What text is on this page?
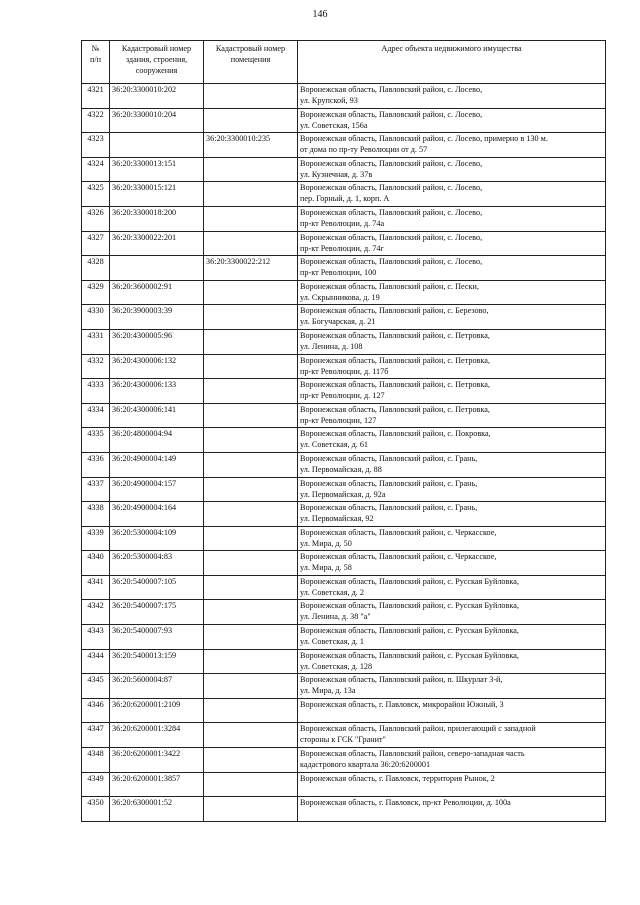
146
№
п/п	Кадастровый номер
здания, строения,
сооружения	Кадастровый номер
помещения	Адрес объекта недвижимого имущества

4321	36:20:3300010:202		Воронежская область, Павловский район, с. Лосево,
ул. Крупской, 93

4322	36:20:3300010:204		Воронежская область, Павловский район, с. Лосево,
ул. Советская, 156а

4323		36:20:3300010:235	Воронежская область, Павловский район, с. Лосево, примерно в 130 м.
от дома по пр-ту Революции от д. 57

4324	36:20:3300013:151		Воронежская область, Павловский район, с. Лосево,
ул. Кузнечная, д. 37в

4325	36:20:3300015:121		Воронежская область, Павловский район, с. Лосево,
пер. Горный, д. 1, корп. А

4326	36:20:3300018:200		Воронежская область, Павловский район, с. Лосево,
пр-кт Революции, д. 74а

4327	36:20:3300022:201		Воронежская область, Павловский район, с. Лосево,
пр-кт Революции, д. 74г

4328		36:20:3300022:212	Воронежская область, Павловский район, с. Лосево,
пр-кт Революции, 100

4329	36:20:3600002:91		Воронежская область, Павловский район, с. Пески,
ул. Скрынникова, д. 19

4330	36:20:3900003:39		Воронежская область, Павловский район, с. Березово,
ул. Богучарская, д. 21

4331	36:20:4300005:96		Воронежская область, Павловский район, с. Петровка,
ул. Ленина, д. 108

4332	36:20:4300006:132		Воронежская область, Павловский район, с. Петровка,
пр-кт Революции, д. 117б

4333	36:20:4300006:133		Воронежская область, Павловский район, с. Петровка,
пр-кт Революции, д. 127

4334	36:20:4300006:141		Воронежская область, Павловский район, с. Петровка,
пр-кт Революции, 127

4335	36:20:4800004:94		Воронежская область, Павловский район, с. Покровка,
ул. Советская, д. 61

4336	36:20:4900004:149		Воронежская область, Павловский район, с. Грань,
ул. Первомайская, д. 88

4337	36:20:4900004:157		Воронежская область, Павловский район, с. Грань,
ул. Первомайская, д. 92а

4338	36:20:4900004:164		Воронежская область, Павловский район, с. Грань,
ул. Первомайская, 92

4339	36:20:5300004:109		Воронежская область, Павловский район, с. Черкасское,
ул. Мира, д. 50

4340	36:20:5300004:83		Воронежская область, Павловский район, с. Черкасское,
ул. Мира, д. 58

4341	36:20:5400007:105		Воронежская область, Павловский район, с. Русская Буйловка,
ул. Советская, д. 2

4342	36:20:5400007:175		Воронежская область, Павловский район, с. Русская Буйловка,
ул. Ленина, д. 38 "а"

4343	36:20:5400007:93		Воронежская область, Павловский район, с. Русская Буйловка,
ул. Советская, д. 1

4344	36:20:5400013:159		Воронежская область, Павловский район, с. Русская Буйловка,
ул. Советская, д. 128

4345	36:20:5600004:87		Воронежская область, Павловский район, п. Шкурлат 3-й,
ул. Мира, д. 13а

4346	36:20:6200001:2109		Воронежская область, г. Павловск, микрорайон Южный, 3

4347	36:20:6200001:3284		Воронежская область, Павловский район, прилегающий с западной
стороны к ГСК "Гранит"

4348	36:20:6200001:3422		Воронежская область, Павловский район, северо-западная часть
кадастрового квартала 36:20:6200001

4349	36:20:6200001:3857		Воронежская область, г. Павловск, территория Рынок, 2

4350	36:20:6300001:52		Воронежская область, г. Павловск, пр-кт Революции, д. 100а
